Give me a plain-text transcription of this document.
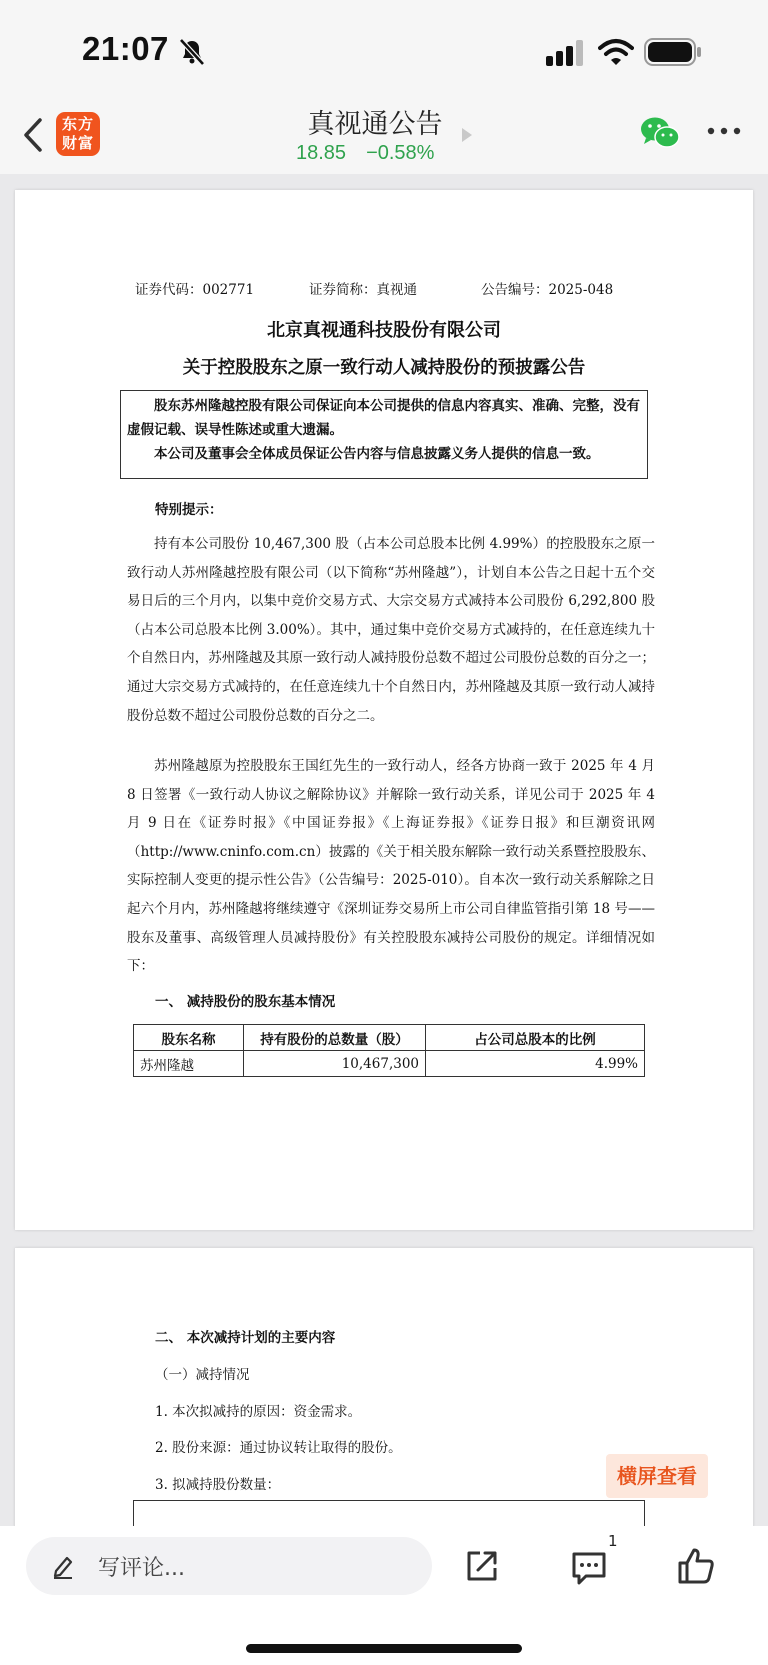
21:07
东方
财富
真视通公告
18.85 −0.58%
证券代码：002771	证券简称：真视通	公告编号：2025-048
北京真视通科技股份有限公司
关于控股股东之原一致行动人减持股份的预披露公告

股东苏州隆越控股有限公司保证向本公司提供的信息内容真实、准确、完整，没有虚假记载、误导性陈述或重大遗漏。

本公司及董事会全体成员保证公告内容与信息披露义务人提供的信息一致。

特别提示：
持有本公司股份 10,467,300 股（占本公司总股本比例 4.99%）的控股股东之原一致行动人苏州隆越控股有限公司（以下简称“苏州隆越”），计划自本公告之日起十五个交易日后的三个月内，以集中竞价交易方式、大宗交易方式减持本公司股份 6,292,800 股（占本公司总股本比例 3.00%）。其中，通过集中竞价交易方式减持的，在任意连续九十个自然日内，苏州隆越及其原一致行动人减持股份总数不超过公司股份总数的百分之一；通过大宗交易方式减持的，在任意连续九十个自然日内，苏州隆越及其原一致行动人减持股份总数不超过公司股份总数的百分之二。
苏州隆越原为控股股东王国红先生的一致行动人，经各方协商一致于 2025 年 4 月 8 日签署《一致行动人协议之解除协议》并解除一致行动关系，详见公司于 2025 年 4 月 9 日在《证券时报》《中国证券报》《上海证券报》《证券日报》和巨潮资讯网（http://www.cninfo.com.cn）披露的《关于相关股东解除一致行动关系暨控股股东、实际控制人变更的提示性公告》（公告编号：2025-010）。自本次一致行动关系解除之日起六个月内，苏州隆越将继续遵守《深圳证券交易所上市公司自律监管指引第 18 号——股东及董事、高级管理人员减持股份》有关控股股东减持公司股份的规定。详细情况如下：
一、 减持股份的股东基本情况
股东名称	持有股份的总数量（股）	占公司总股本的比例
苏州隆越	10,467,300	4.99%
二、 本次减持计划的主要内容
（一）减持情况
1. 本次拟减持的原因：资金需求。
2. 股份来源：通过协议转让取得的股份。
3. 拟减持股份数量：	横屏查看
写评论...
1
